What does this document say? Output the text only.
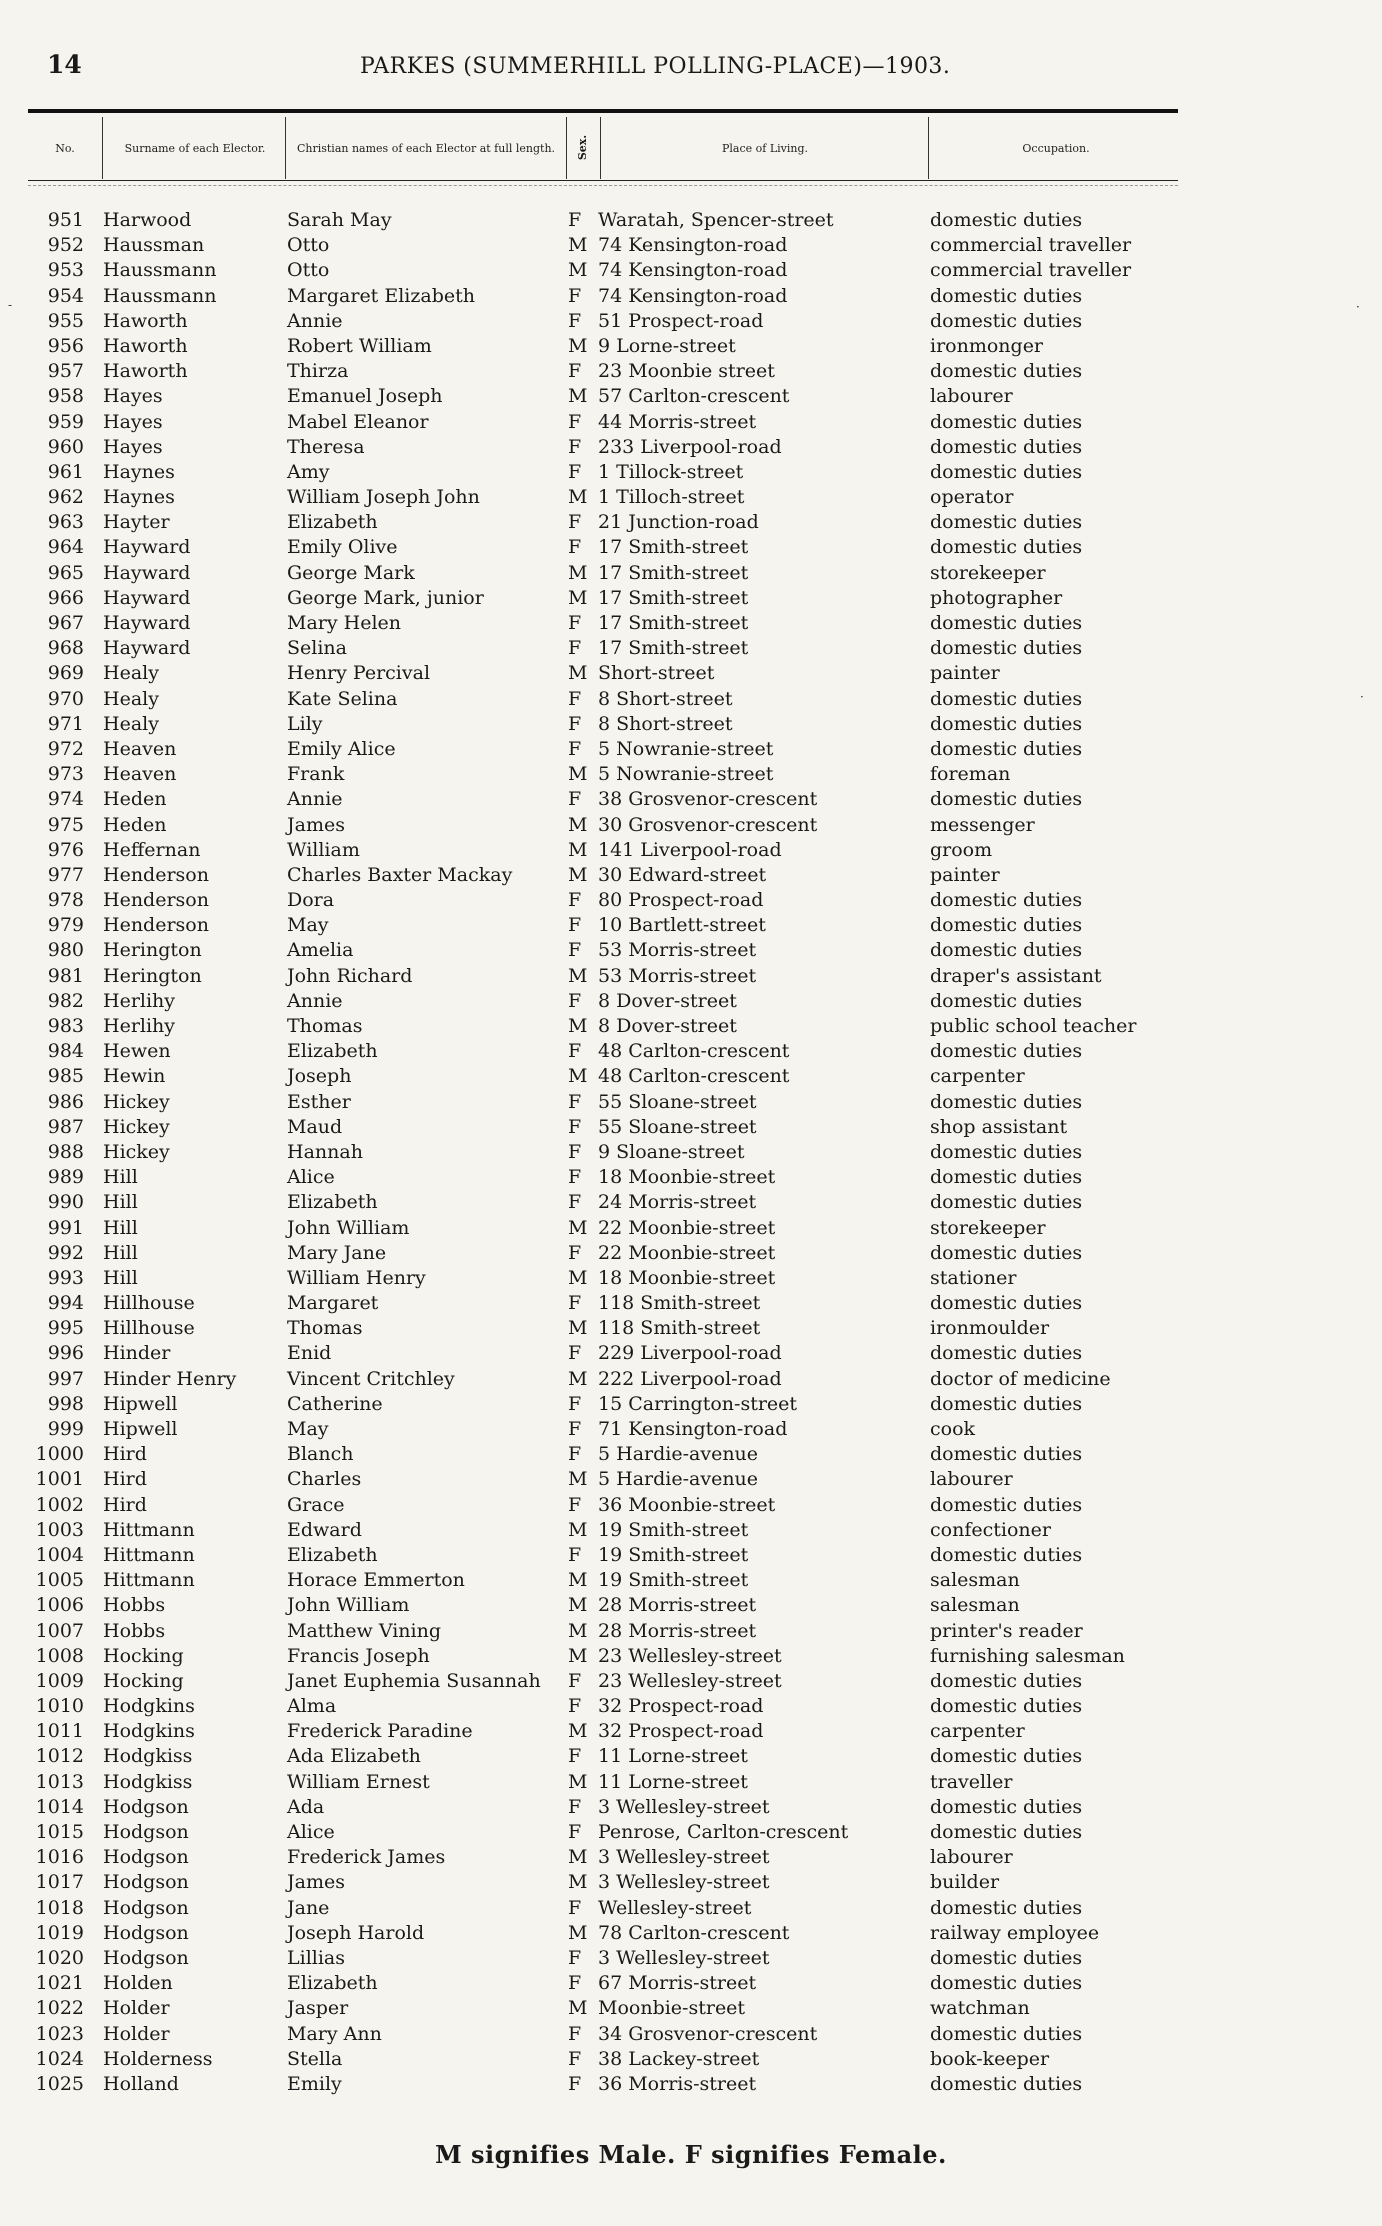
14	PARKES (SUMMERHILL POLLING-PLACE)—1903.
No.	Surname of each Elector.	Christian names of each Elector at full length.	Sex.	Place of Living.	Occupation.
951 Harwood	Sarah May	F Waratah, Spencer-street	domestic duties
952 Haussman	Otto	M 74 Kensington-road	commercial traveller
953 Haussmann	Otto	M 74 Kensington-road	commercial traveller
954 Haussmann	Margaret Elizabeth	F 74 Kensington-road	domestic duties
955 Haworth	Annie	F 51 Prospect-road	domestic duties
956 Haworth	Robert William	M 9 Lorne-street	ironmonger
957 Haworth	Thirza	F 23 Moonbie street	domestic duties
958 Hayes	Emanuel Joseph	M 57 Carlton-crescent	labourer
959 Hayes	Mabel Eleanor	F 44 Morris-street	domestic duties
960 Hayes	Theresa	F 233 Liverpool-road	domestic duties
961 Haynes	Amy	F 1 Tillock-street	domestic duties
962 Haynes	William Joseph John	M 1 Tilloch-street	operator
963 Hayter	Elizabeth	F 21 Junction-road	domestic duties
964 Hayward	Emily Olive	F 17 Smith-street	domestic duties
965 Hayward	George Mark	M 17 Smith-street	storekeeper
966 Hayward	George Mark, junior	M 17 Smith-street	photographer
967 Hayward	Mary Helen	F 17 Smith-street	domestic duties
968 Hayward	Selina	F 17 Smith-street	domestic duties
969 Healy	Henry Percival	M Short-street	painter
970 Healy	Kate Selina	F 8 Short-street	domestic duties
971 Healy	Lily	F 8 Short-street	domestic duties
972 Heaven	Emily Alice	F 5 Nowranie-street	domestic duties
973 Heaven	Frank	M 5 Nowranie-street	foreman
974 Heden	Annie	F 38 Grosvenor-crescent	domestic duties
975 Heden	James	M 30 Grosvenor-crescent	messenger
976 Heffernan	William	M 141 Liverpool-road	groom
977 Henderson	Charles Baxter Mackay	M 30 Edward-street	painter
978 Henderson	Dora	F 80 Prospect-road	domestic duties
979 Henderson	May	F 10 Bartlett-street	domestic duties
980 Herington	Amelia	F 53 Morris-street	domestic duties
981 Herington	John Richard	M 53 Morris-street	draper's assistant
982 Herlihy	Annie	F 8 Dover-street	domestic duties
983 Herlihy	Thomas	M 8 Dover-street	public school teacher
984 Hewen	Elizabeth	F 48 Carlton-crescent	domestic duties
985 Hewin	Joseph	M 48 Carlton-crescent	carpenter
986 Hickey	Esther	F 55 Sloane-street	domestic duties
987 Hickey	Maud	F 55 Sloane-street	shop assistant
988 Hickey	Hannah	F 9 Sloane-street	domestic duties
989 Hill	Alice	F 18 Moonbie-street	domestic duties
990 Hill	Elizabeth	F 24 Morris-street	domestic duties
991 Hill	John William	M 22 Moonbie-street	storekeeper
992 Hill	Mary Jane	F 22 Moonbie-street	domestic duties
993 Hill	William Henry	M 18 Moonbie-street	stationer
994 Hillhouse	Margaret	F 118 Smith-street	domestic duties
995 Hillhouse	Thomas	M 118 Smith-street	ironmoulder
996 Hinder	Enid	F 229 Liverpool-road	domestic duties
997 Hinder Henry	Vincent Critchley	M 222 Liverpool-road	doctor of medicine
998 Hipwell	Catherine	F 15 Carrington-street	domestic duties
999 Hipwell	May	F 71 Kensington-road	cook
1000 Hird	Blanch	F 5 Hardie-avenue	domestic duties
1001 Hird	Charles	M 5 Hardie-avenue	labourer
1002 Hird	Grace	F 36 Moonbie-street	domestic duties
1003 Hittmann	Edward	M 19 Smith-street	confectioner
1004 Hittmann	Elizabeth	F 19 Smith-street	domestic duties
1005 Hittmann	Horace Emmerton	M 19 Smith-street	salesman
1006 Hobbs	John William	M 28 Morris-street	salesman
1007 Hobbs	Matthew Vining	M 28 Morris-street	printer's reader
1008 Hocking	Francis Joseph	M 23 Wellesley-street	furnishing salesman
1009 Hocking	Janet Euphemia Susannah F 23 Wellesley-street	domestic duties
1010 Hodgkins	Alma	F 32 Prospect-road	domestic duties
1011 Hodgkins	Frederick Paradine	M 32 Prospect-road	carpenter
1012 Hodgkiss	Ada Elizabeth	F 11 Lorne-street	domestic duties
1013 Hodgkiss	William Ernest	M 11 Lorne-street	traveller
1014 Hodgson	Ada	F 3 Wellesley-street	domestic duties
1015 Hodgson	Alice	F Penrose, Carlton-crescent	domestic duties
1016 Hodgson	Frederick James	M 3 Wellesley-street	labourer
1017 Hodgson	James	M 3 Wellesley-street	builder
1018 Hodgson	Jane	F Wellesley-street	domestic duties
1019 Hodgson	Joseph Harold	M 78 Carlton-crescent	railway employee
1020 Hodgson	Lillias	F 3 Wellesley-street	domestic duties
1021 Holden	Elizabeth	F 67 Morris-street	domestic duties
1022 Holder	Jasper	M Moonbie-street	watchman
1023 Holder	Mary Ann	F 34 Grosvenor-crescent	domestic duties
1024 Holderness	Stella	F 38 Lackey-street	book-keeper
1025 Holland	Emily	F 36 Morris-street	domestic duties
M signifies Male. F signifies Female.
·
-
·
